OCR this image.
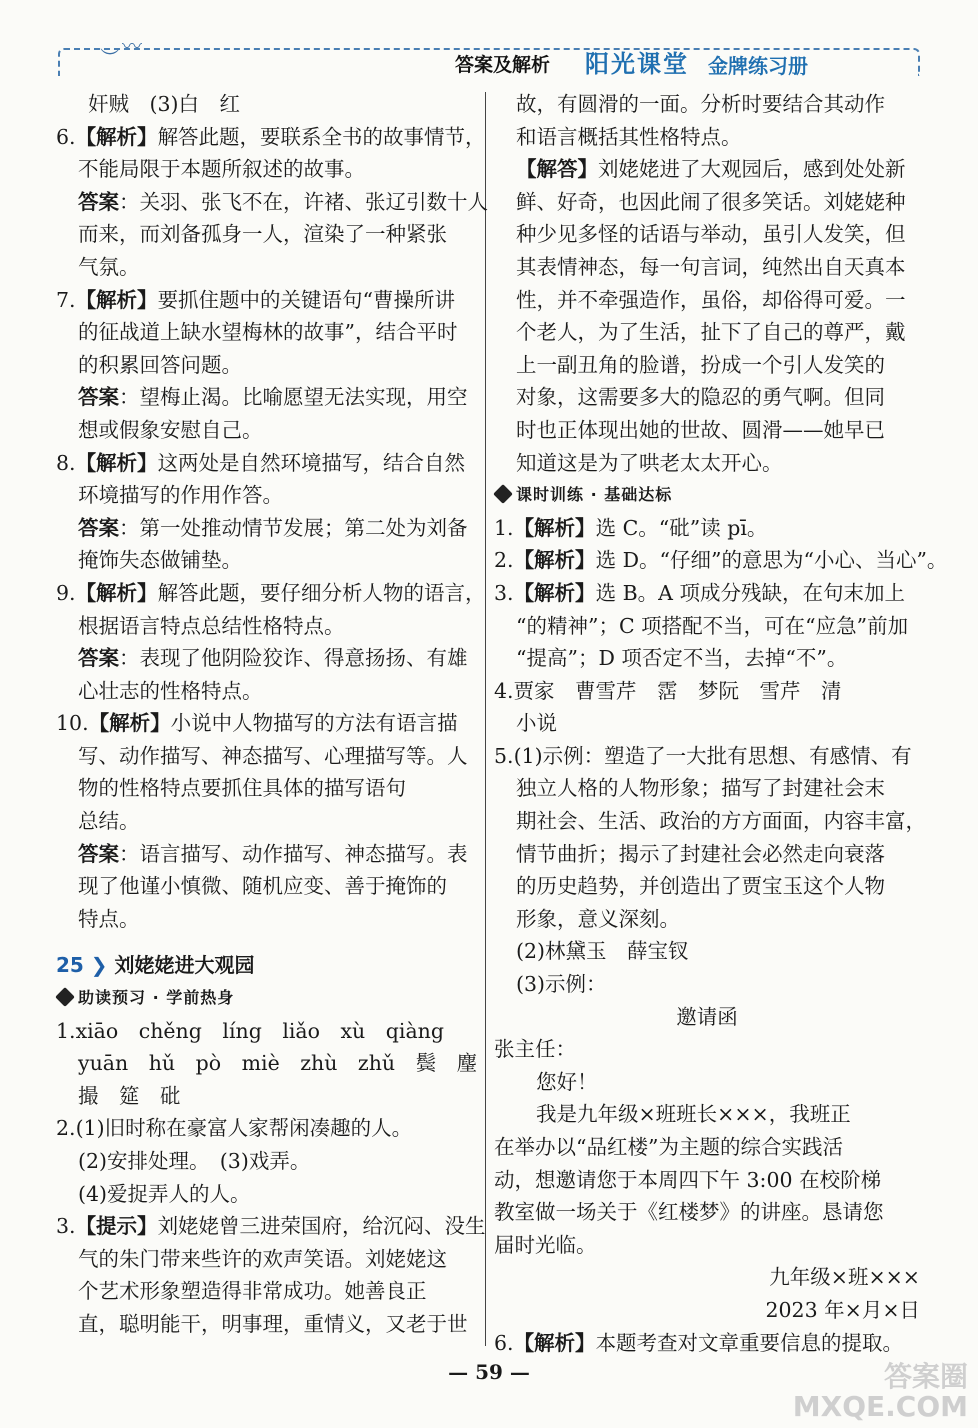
︶ 〰
答案及解析 阳光课堂 金牌练习册
奸贼　(3)白　红
6.【解析】解答此题，要联系全书的故事情节，
不能局限于本题所叙述的故事。
答案：关羽、张飞不在，许褚、张辽引数十人
而来，而刘备孤身一人，渲染了一种紧张
气氛。
7.【解析】要抓住题中的关键语句“曹操所讲
的征战道上缺水望梅林的故事”，结合平时
的积累回答问题。
答案：望梅止渴。比喻愿望无法实现，用空
想或假象安慰自己。
8.【解析】这两处是自然环境描写，结合自然
环境描写的作用作答。
答案：第一处推动情节发展；第二处为刘备
掩饰失态做铺垫。
9.【解析】解答此题，要仔细分析人物的语言，
根据语言特点总结性格特点。
答案：表现了他阴险狡诈、得意扬扬、有雄
心壮志的性格特点。
10.【解析】小说中人物描写的方法有语言描
写、动作描写、神态描写、心理描写等。人
物的性格特点要抓住具体的描写语句
总结。
答案：语言描写、动作描写、神态描写。表
现了他谨小慎微、随机应变、善于掩饰的
特点。
25 ❯ 刘姥姥进大观园
助读预习 · 学前热身
1.xiāo　chěng　líng　liǎo　xù　qiàng
yuān　hǔ　pò　miè　zhù　zhǔ　鬓　麈
撮　筵　砒
2.(1)旧时称在豪富人家帮闲凑趣的人。
(2)安排处理。　(3)戏弄。
(4)爱捉弄人的人。
3.【提示】刘姥姥曾三进荣国府，给沉闷、没生
气的朱门带来些许的欢声笑语。刘姥姥这
个艺术形象塑造得非常成功。她善良正
直，聪明能干，明事理，重情义，又老于世
故，有圆滑的一面。分析时要结合其动作
和语言概括其性格特点。
【解答】刘姥姥进了大观园后，感到处处新
鲜、好奇，也因此闹了很多笑话。刘姥姥种
种少见多怪的话语与举动，虽引人发笑，但
其表情神态，每一句言词，纯然出自天真本
性，并不牵强造作，虽俗，却俗得可爱。一
个老人，为了生活，扯下了自己的尊严，戴
上一副丑角的脸谱，扮成一个引人发笑的
对象，这需要多大的隐忍的勇气啊。但同
时也正体现出她的世故、圆滑——她早已
知道这是为了哄老太太开心。
课时训练 · 基础达标
1.【解析】选 C。“砒”读 pī。
2.【解析】选 D。“仔细”的意思为“小心、当心”。
3.【解析】选 B。A 项成分残缺，在句末加上
“的精神”；C 项搭配不当，可在“应急”前加
“提高”；D 项否定不当，去掉“不”。
4.贾家　曹雪芹　霑　梦阮　雪芹　清
小说
5.(1)示例：塑造了一大批有思想、有感情、有
独立人格的人物形象；描写了封建社会末
期社会、生活、政治的方方面面，内容丰富，
情节曲折；揭示了封建社会必然走向衰落
的历史趋势，并创造出了贾宝玉这个人物
形象，意义深刻。
(2)林黛玉　薛宝钗
(3)示例：
邀请函
张主任：
您好！
我是九年级×班班长×××，我班正
在举办以“品红楼”为主题的综合实践活
动，想邀请您于本周四下午 3:00 在校阶梯
教室做一场关于《红楼梦》的讲座。恳请您
届时光临。
九年级×班×××
2023 年×月×日
6.【解析】本题考查对文章重要信息的提取。
— 59 —	答案圈
MXQE.COM
